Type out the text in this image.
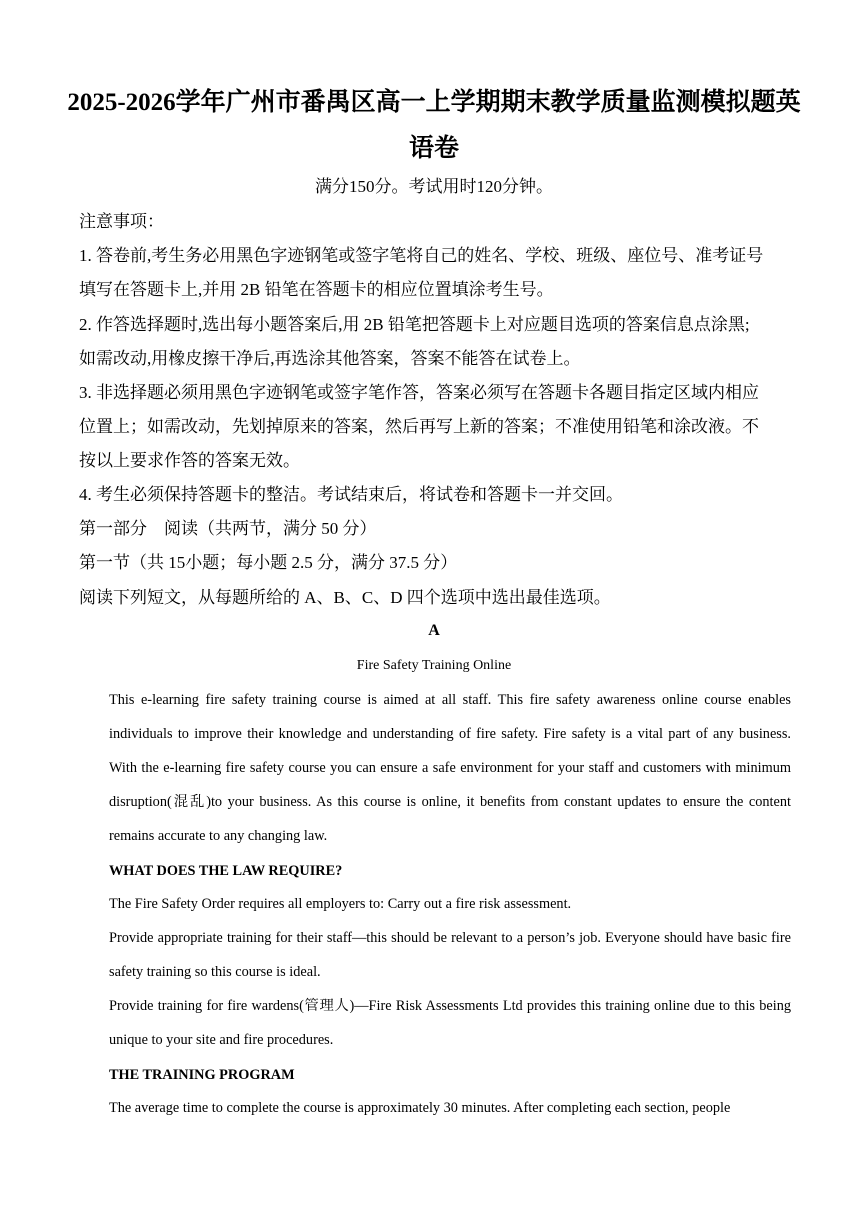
2025-2026学年广州市番禺区高一上学期期末教学质量监测模拟题英
语卷
满分150分。考试用时120分钟。
注意事项：
1. 答卷前,考生务必用黑色字迹钢笔或签字笔将自己的姓名、学校、班级、座位号、准考证号
填写在答题卡上,并用 2B 铅笔在答题卡的相应位置填涂考生号。
2. 作答选择题时,选出每小题答案后,用 2B 铅笔把答题卡上对应题目选项的答案信息点涂黑;
如需改动,用橡皮擦干净后,再选涂其他答案，答案不能答在试卷上。
3. 非选择题必须用黑色字迹钢笔或签字笔作答，答案必须写在答题卡各题目指定区域内相应
位置上；如需改动，先划掉原来的答案，然后再写上新的答案；不准使用铅笔和涂改液。不
按以上要求作答的答案无效。
4. 考生必须保持答题卡的整洁。考试结束后，将试卷和答题卡一并交回。
第一部分　阅读（共两节，满分 50 分）
第一节（共 15小题；每小题 2.5 分，满分 37.5 分）
阅读下列短文，从每题所给的 A、B、C、D 四个选项中选出最佳选项。
A
Fire Safety Training Online

This e-learning fire safety training course is aimed at all staff. This fire safety awareness online course enables individuals to improve their knowledge and understanding of fire safety. Fire safety is a vital part of any business. With the e-learning fire safety course you can ensure a safe environment for your staff and customers with minimum disruption(混乱)to your business. As this course is online, it benefits from constant updates to ensure the content remains accurate to any changing law.

WHAT DOES THE LAW REQUIRE?

The Fire Safety Order requires all employers to: Carry out a fire risk assessment.

Provide appropriate training for their staff—this should be relevant to a person’s job. Everyone should have basic fire safety training so this course is ideal.

Provide training for fire wardens(管理人)—Fire Risk Assessments Ltd provides this training online due to this being unique to your site and fire procedures.

THE TRAINING PROGRAM

The average time to complete the course is approximately 30 minutes. After completing each section, people
